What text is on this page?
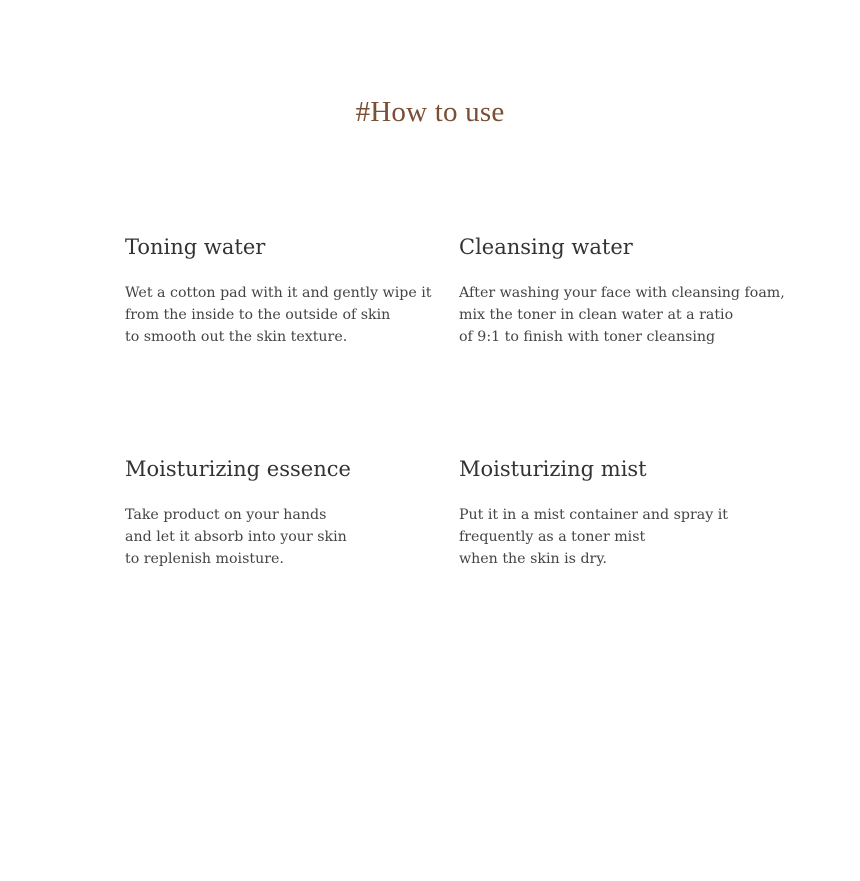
#How to use
Toning water

Wet a cotton pad with it and gently wipe it
from the inside to the outside of skin
to smooth out the skin texture.

Cleansing water

After washing your face with cleansing foam,
mix the toner in clean water at a ratio
of 9:1 to finish with toner cleansing

Moisturizing essence

Take product on your hands
and let it absorb into your skin
to replenish moisture.

Moisturizing mist

Put it in a mist container and spray it
frequently as a toner mist
when the skin is dry.
